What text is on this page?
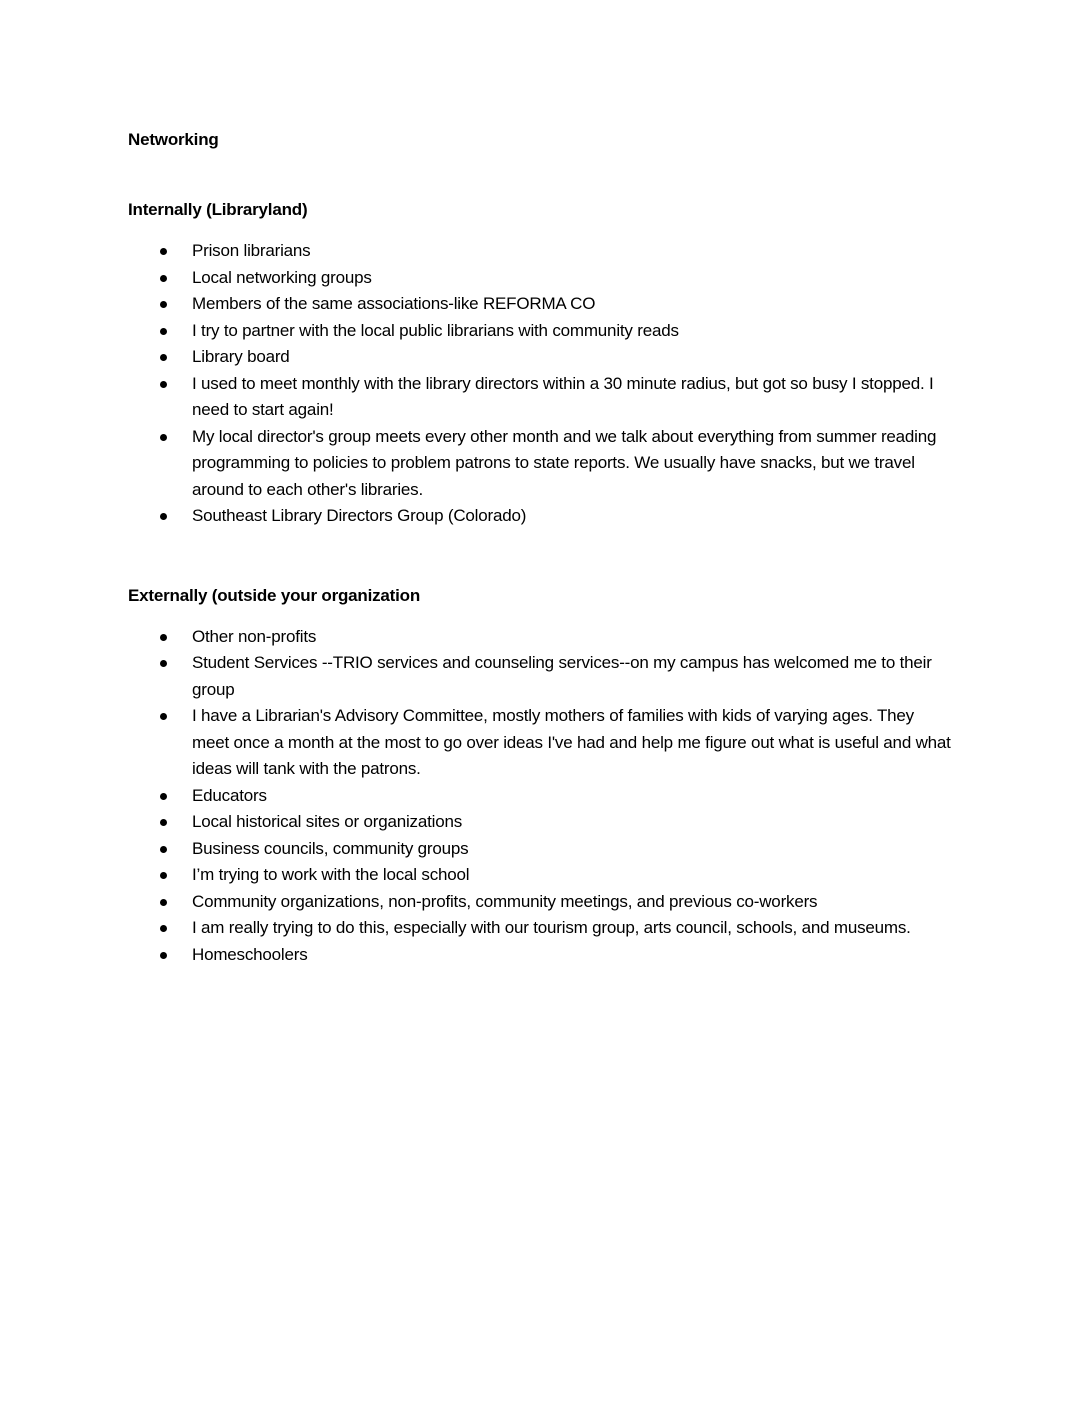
Networking
Internally (Libraryland)
Prison librarians
Local networking groups
Members of the same associations-like REFORMA CO
I try to partner with the local public librarians with community reads
Library board
I used to meet monthly with the library directors within a 30 minute radius, but got so busy I stopped. I need to start again!
My local director's group meets every other month and we talk about everything from summer reading programming to policies to problem patrons to state reports. We usually have snacks, but we travel around to each other's libraries.
Southeast Library Directors Group (Colorado)
Externally (outside your organization
Other non-profits
Student Services --TRIO services and counseling services--on my campus has welcomed me to their group
I have a Librarian's Advisory Committee, mostly mothers of families with kids of varying ages. They meet once a month at the most to go over ideas I've had and help me figure out what is useful and what ideas will tank with the patrons.
Educators
Local historical sites or organizations
Business councils, community groups
I’m trying to work with the local school
Community organizations, non-profits, community meetings, and previous co-workers
I am really trying to do this, especially with our tourism group, arts council, schools, and museums.
Homeschoolers
